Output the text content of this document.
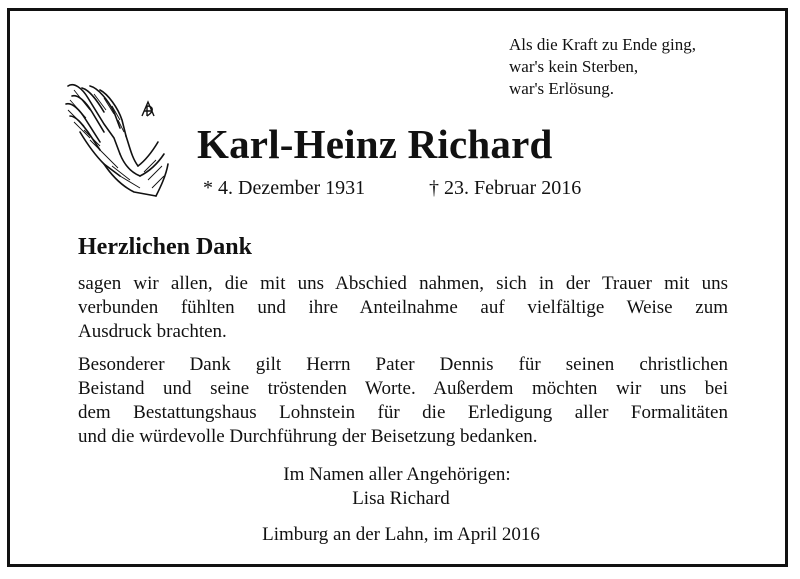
Als die Kraft zu Ende ging,
war's kein Sterben,
war's Erlösung.
Karl-Heinz Richard
* 4. Dezember 1931	† 23. Februar 2016
Herzlichen Dank
sagen wir allen, die mit uns Abschied nahmen, sich in der Trauer mit uns
verbunden fühlten und ihre Anteilnahme auf vielfältige Weise zum
Ausdruck brachten.
Besonderer Dank gilt Herrn Pater Dennis für seinen christlichen
Beistand und seine tröstenden Worte. Außerdem möchten wir uns bei
dem Bestattungshaus Lohnstein für die Erledigung aller Formalitäten
und die würdevolle Durchführung der Beisetzung bedanken.
Im Namen aller Angehörigen:
Lisa Richard
Limburg an der Lahn, im April 2016
